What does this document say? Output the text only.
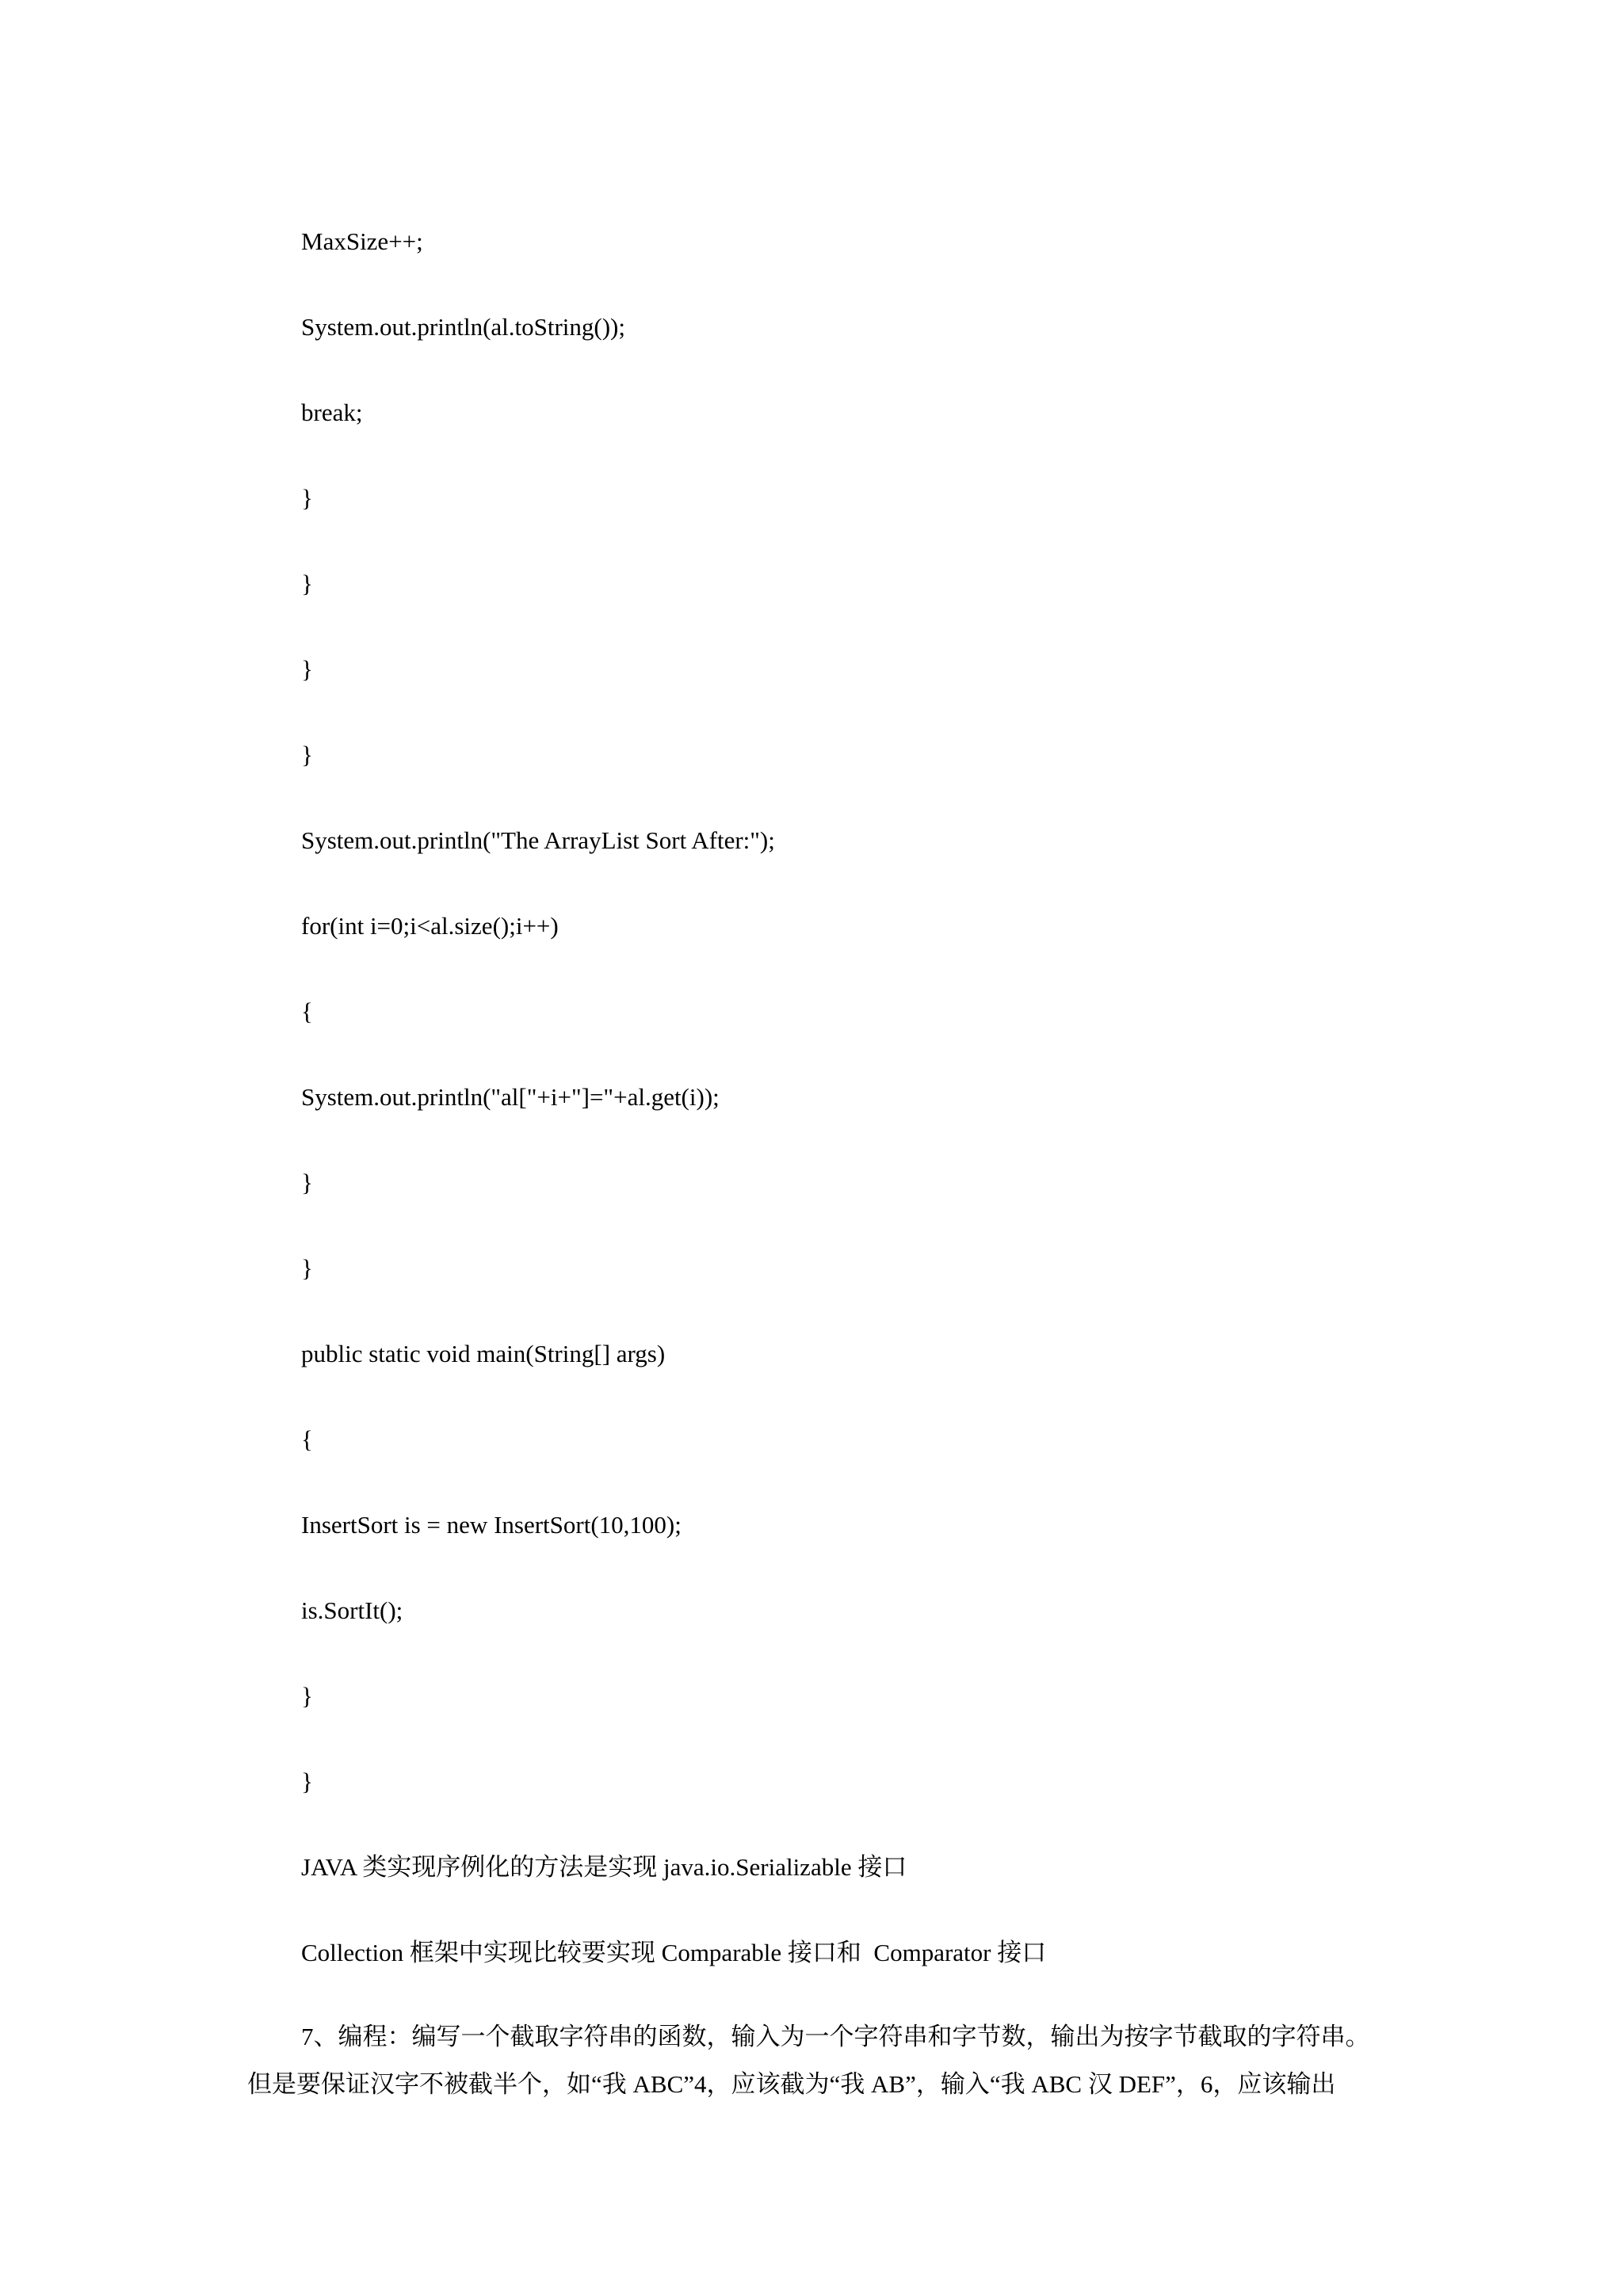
MaxSize++;
System.out.println(al.toString());
break;
}
}
}
}
System.out.println("The ArrayList Sort After:");
for(int i=0;i<al.size();i++)
{
System.out.println("al["+i+"]="+al.get(i));
}
}
public static void main(String[] args)
{
InsertSort is = new InsertSort(10,100);
is.SortIt();
}
}
JAVA 类实现序例化的方法是实现 java.io.Serializable 接口
Collection 框架中实现比较要实现 Comparable 接口和  Comparator 接口
7、编程：编写一个截取字符串的函数，输入为一个字符串和字节数，输出为按字节截取的字符串。
但是要保证汉字不被截半个，如“我 ABC”4，应该截为“我 AB”，输入“我 ABC 汉 DEF”，6，应该输出
